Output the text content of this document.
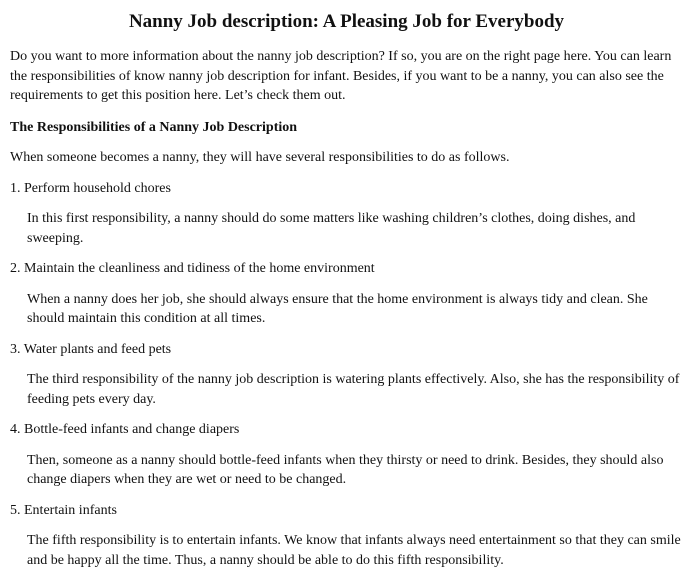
Nanny Job description: A Pleasing Job for Everybody

Do you want to more information about the nanny job description? If so, you are on the right page here. You can learn the responsibilities of know nanny job description for infant. Besides, if you want to be a nanny, you can also see the requirements to get this position here. Let’s check them out.

The Responsibilities of a Nanny Job Description

When someone becomes a nanny, they will have several responsibilities to do as follows.

1. Perform household chores

In this first responsibility, a nanny should do some matters like washing children’s clothes, doing dishes, and sweeping.

2. Maintain the cleanliness and tidiness of the home environment

When a nanny does her job, she should always ensure that the home environment is always tidy and clean. She should maintain this condition at all times.

3. Water plants and feed pets

The third responsibility of the nanny job description is watering plants effectively. Also, she has the responsibility of feeding pets every day.

4. Bottle-feed infants and change diapers

Then, someone as a nanny should bottle-feed infants when they thirsty or need to drink. Besides, they should also change diapers when they are wet or need to be changed.

5. Entertain infants

The fifth responsibility is to entertain infants. We know that infants always need entertainment so that they can smile and be happy all the time. Thus, a nanny should be able to do this fifth responsibility.
